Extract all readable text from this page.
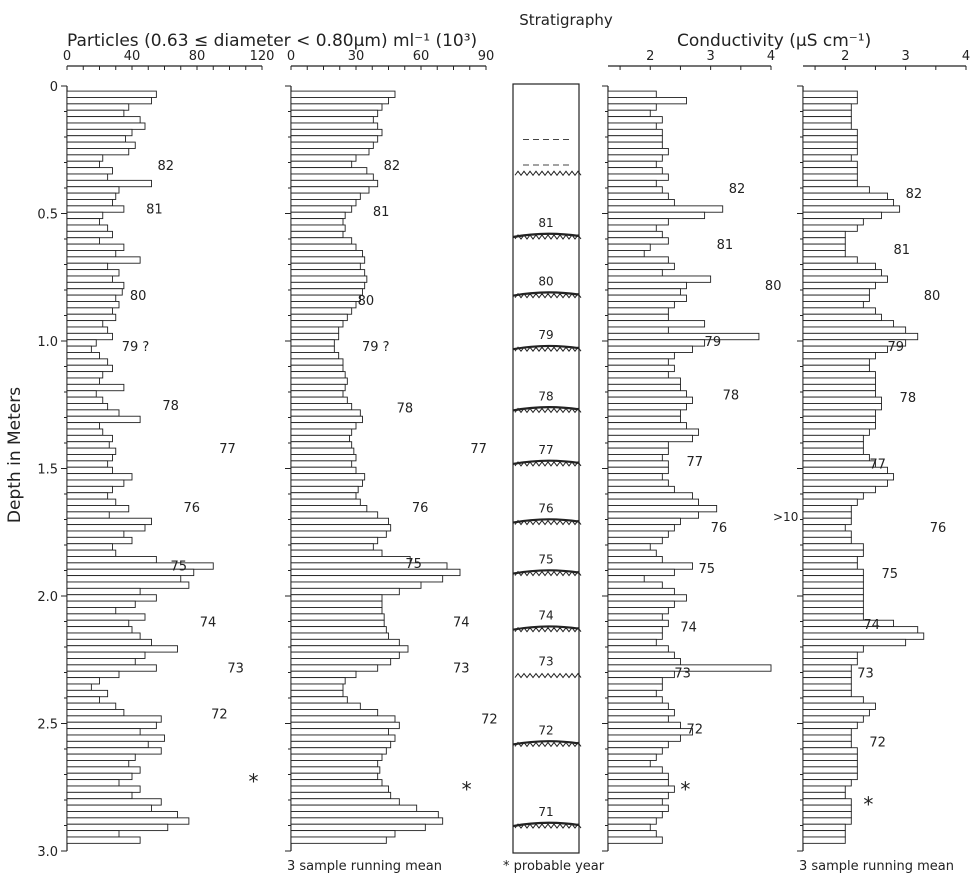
Stratigraphy
Particles (0.63 ≤ diameter < 0.80μm) ml⁻¹ (10³)	Conductivity (μS cm⁻¹)
Depth in Meters
0
0.5
1.0
1.5
2.0
2.5
3.0
0	40	80	120
82
81
80
79 ?
78
77
76
75
74
73
72
*
0	30	60	90
82
81
80
79 ?
78
77
76
75
74
73
72
*
3 sample running mean
81
80
79
78
77
76
75
74
73
72
71
* probable year
2	3	4
>10
82
81
80
79
78
77
76
75
74
73
72
*
2	3	4
82
81
80
79
78
77
76
75
74
73
72
*
3 sample running mean
